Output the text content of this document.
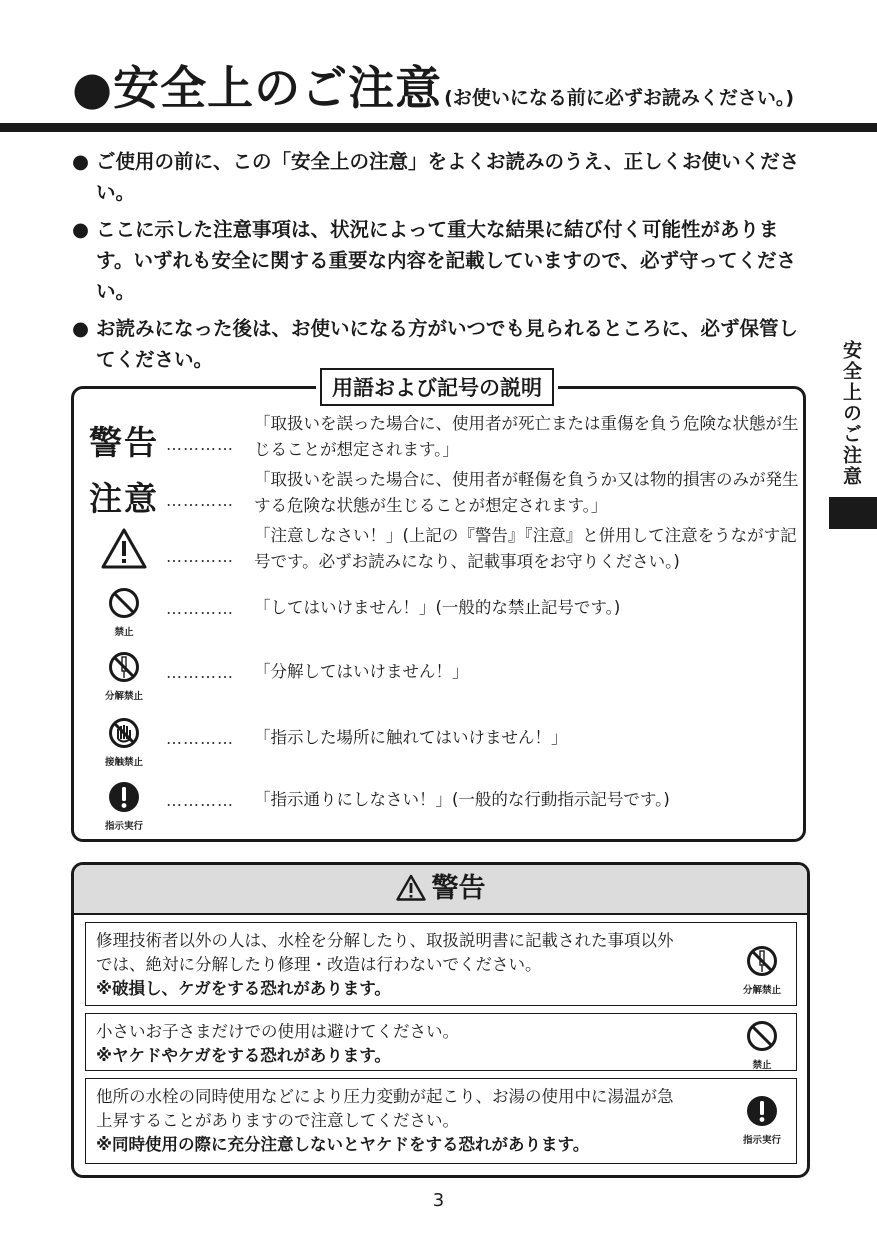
●安全上のご注意 (お使いになる前に必ずお読みください。)
● ご使用の前に、この「安全上の注意」をよくお読みのうえ、正しくお使いください。
● ここに示した注意事項は、状況によって重大な結果に結び付く可能性があります。いずれも安全に関する重要な内容を記載していますので、必ず守ってください。
● お読みになった後は、お使いになる方がいつでも見られるところに、必ず保管してください。	安全上のご注意
用語および記号の説明
警告 …………
「取扱いを誤った場合に、使用者が死亡または重傷を負う危険な状態が生じることが想定されます。」
注意 …………
「取扱いを誤った場合に、使用者が軽傷を負うか又は物的損害のみが発生する危険な状態が生じることが想定されます。」
…………
「注意しなさい！」(上記の『警告』『注意』と併用して注意をうながす記号です。必ずお読みになり、記載事項をお守りください。)
禁止
………… 「してはいけません！」(一般的な禁止記号です。)
分解禁止
………… 「分解してはいけません！」
接触禁止
………… 「指示した場所に触れてはいけません！」
指示実行
………… 「指示通りにしなさい！」(一般的な行動指示記号です。)
警告
修理技術者以外の人は、水栓を分解したり、取扱説明書に記載された事項以外
では、絶対に分解したり修理・改造は行わないでください。
※破損し、ケガをする恐れがあります。	分解禁止
小さいお子さまだけでの使用は避けてください。
※ヤケドやケガをする恐れがあります。
禁止
他所の水栓の同時使用などにより圧力変動が起こり、お湯の使用中に湯温が急
上昇することがありますので注意してください。
※同時使用の際に充分注意しないとヤケドをする恐れがあります。	指示実行
3
